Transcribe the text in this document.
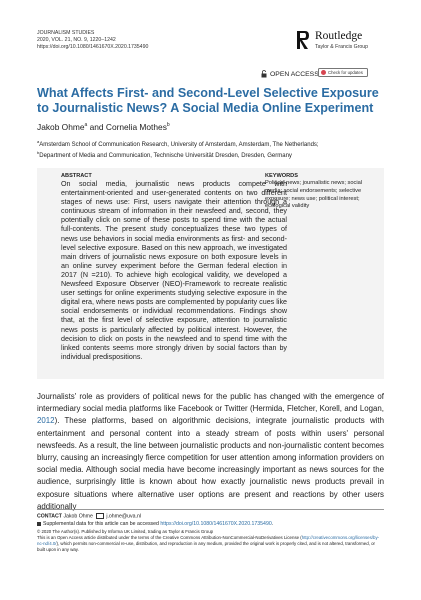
JOURNALISM STUDIES
2020, VOL. 21, NO. 9, 1220–1242
https://doi.org/10.1080/1461670X.2020.1735490
Routledge
Taylor & Francis Group
OPEN ACCESS Check for updates
What Affects First- and Second-Level Selective Exposure to Journalistic News? A Social Media Online Experiment
Jakob Ohme$^a$ and Cornelia Mothes$^b$
$^a$Amsterdam School of Communication Research, University of Amsterdam, Amsterdam, The Netherlands;
$^b$Department of Media and Communication, Technische Universität Dresden, Dresden, Germany
ABSTRACT
On social media, journalistic news products compete with entertainment-oriented and user-generated contents on two different stages of news use: First, users navigate their attention through a continuous stream of information in their newsfeed and, second, they potentially click on some of these posts to spend time with the actual full-contents. The present study conceptualizes these two types of news use behaviors in social media environments as first- and second-level selective exposure. Based on this new approach, we investigated main drivers of journalistic news exposure on both exposure levels in an online survey experiment before the German federal election in 2017 (N =210). To achieve high ecological validity, we developed a Newsfeed Exposure Observer (NEO)-Framework to recreate realistic user settings for online experiments studying selective exposure in the digital era, where news posts are complemented by popularity cues like social endorsements or individual recommendations. Findings show that, at the first level of selective exposure, attention to journalistic news posts is particularly affected by political interest. However, the decision to click on posts in the newsfeed and to spend time with the linked contents seems more strongly driven by social factors than by individual predispositions.
KEYWORDS
Political news; journalistic news; social media; social endorsements; selective exposure; news use; political interest; ecological validity
Journalists' role as providers of political news for the public has changed with the emergence of intermediary social media platforms like Facebook or Twitter (Hermida, Fletcher, Korell, and Logan, 2012). These platforms, based on algorithmic decisions, integrate journalistic products with entertainment and personal content into a steady stream of posts within users' personal newsfeeds. As a result, the line between journalistic products and non-journalistic content becomes blurry, causing an increasingly fierce competition for user attention among information providers on social media. Although social media have become increasingly important as news sources for the audience, surprisingly little is known about how exactly journalistic news products prevail in exposure situations where alternative user options are present and reactions by other users additionally
CONTACT Jakob Ohme	j.ohme@uva.nl
Supplemental data for this article can be accessed https://doi.org/10.1080/1461670X.2020.1735490.
© 2020 The Author(s). Published by Informa UK Limited, trading as Taylor & Francis Group
This is an Open Access article distributed under the terms of the Creative Commons Attribution-NonCommercial-NoDerivatives License (http://creativecommons.org/licenses/by-nc-nd/4.0/), which permits non-commercial re-use, distribution, and reproduction in any medium, provided the original work is properly cited, and is not altered, transformed, or built upon in any way.
